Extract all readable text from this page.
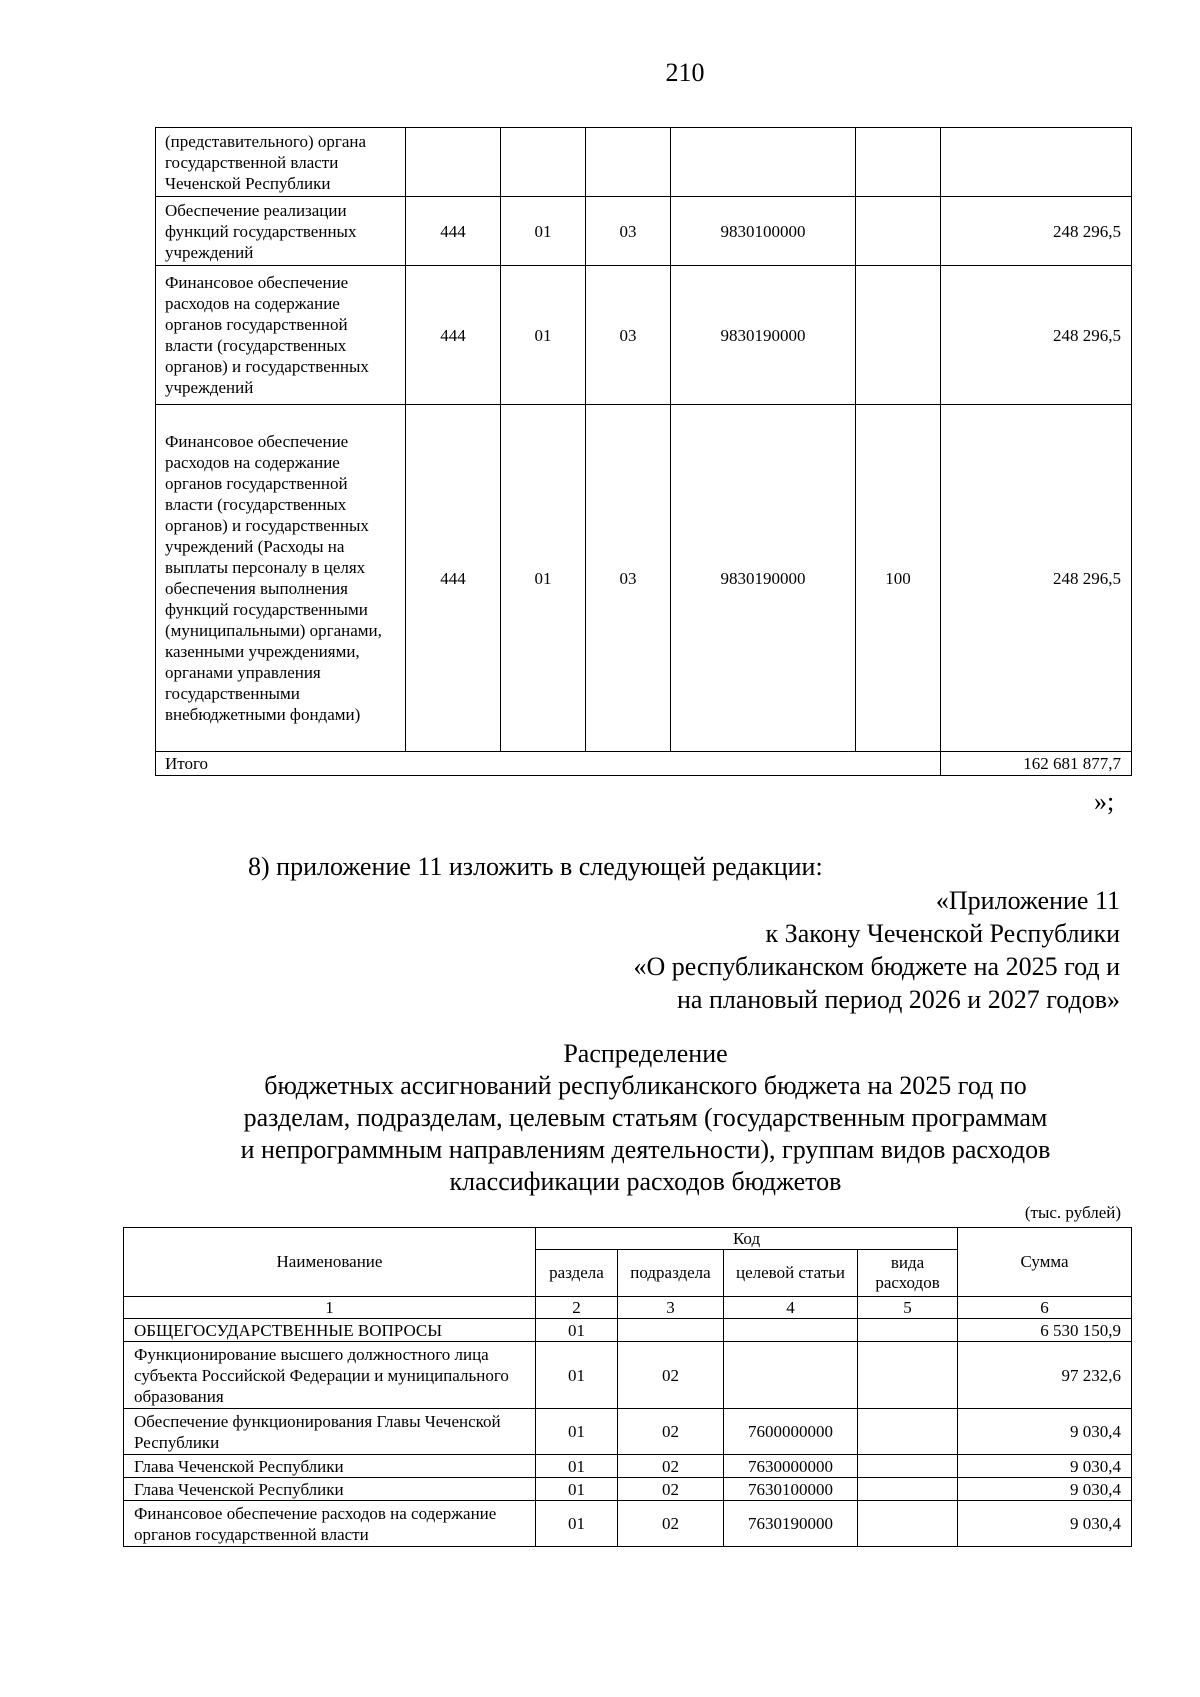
210
(представительного) органа государственной власти Чеченской Республики						
Обеспечение реализации функций государственных учреждений	444	01	03	9830100000		248 296,5
Финансовое обеспечение расходов на содержание органов государственной власти (государственных органов) и государственных учреждений	444	01	03	9830190000		248 296,5
Финансовое обеспечение расходов на содержание органов государственной власти (государственных органов) и государственных учреждений (Расходы на выплаты персоналу в целях обеспечения выполнения функций государственными (муниципальными) органами, казенными учреждениями, органами управления государственными внебюджетными фондами)	444	01	03	9830190000	100	248 296,5
Итого						162 681 877,7
»;
8) приложение 11 изложить в следующей редакции:
«Приложение 11
к Закону Чеченской Республики
«О республиканском бюджете на 2025 год и
на плановый период 2026 и 2027 годов»
Распределение
бюджетных ассигнований республиканского бюджета на 2025 год по
разделам, подразделам, целевым статьям (государственным программам
и непрограммным направлениям деятельности), группам видов расходов
классификации расходов бюджетов
(тыс. рублей)
Наименование	Код				Сумма
	раздела	подраздела	целевой статьи	вида расходов	
1	2	3	4	5	6
ОБЩЕГОСУДАРСТВЕННЫЕ ВОПРОСЫ	01				6 530 150,9
Функционирование высшего должностного лица субъекта Российской Федерации и муниципального образования	01	02			97 232,6
Обеспечение функционирования Главы Чеченской Республики	01	02	7600000000		9 030,4
Глава Чеченской Республики	01	02	7630000000		9 030,4
Глава Чеченской Республики	01	02	7630100000		9 030,4
Финансовое обеспечение расходов на содержание органов государственной власти	01	02	7630190000		9 030,4
